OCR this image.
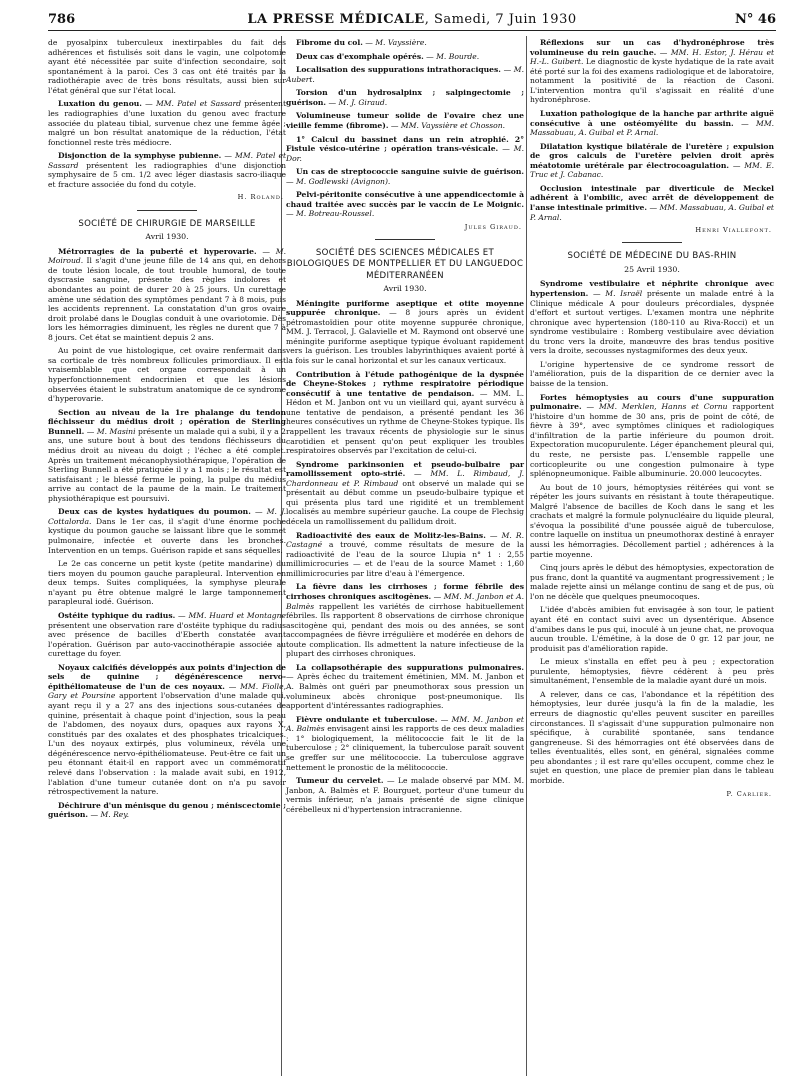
786	LA PRESSE MÉDICALE, Samedi, 7 Juin 1930	N° 46

de pyosalpinx tuberculeux inextirpables du fait des adhérences et fistulisés soit dans le vagin, une colpotomie ayant été nécessitée par suite d'infection secondaire, soit spontanément à la paroi. Ces 3 cas ont été traités par la radiothérapie avec de très bons résultats, aussi bien sur l'état général que sur l'état local.

Luxation du genou. — MM. Patel et Sassard présentent les radiographies d'une luxation du genou avec fracture associée du plateau tibial, survenue chez une femme âgée ; malgré un bon résultat anatomique de la réduction, l'état fonctionnel reste très médiocre.

Disjonction de la symphyse pubienne. — MM. Patel et Sassard présentent les radiographies d'une disjonction symphysaire de 5 cm. 1/2 avec léger diastasis sacro-iliaque et fracture associée du fond du cotyle.

H. Roland.
SOCIÉTÉ DE CHIRURGIE DE MARSEILLE
Avril 1930.

Métrorragies de la puberté et hyperovarie. — M. Moiroud. Il s'agit d'une jeune fille de 14 ans qui, en dehors de toute lésion locale, de tout trouble humoral, de toute dyscrasie sanguine, présente des règles indolores et abondantes au point de durer 20 à 25 jours. Un curettage amène une sédation des symptômes pendant 7 à 8 mois, puis les accidents reprennent. La constatation d'un gros ovaire droit prolabé dans le Douglas conduit à une ovariotomie. Dès lors les hémorragies diminuent, les règles ne durent que 7 à 8 jours. Cet état se maintient depuis 2 ans.

Au point de vue histologique, cet ovaire renfermait dans sa corticale de très nombreux follicules primordiaux. Il est vraisemblable que cet organe correspondait à un hyperfonctionnement endocrinien et que les lésions observées étaient le substratum anatomique de ce syndrome d'hyperovarie.

Section au niveau de la 1re phalange du tendon fléchisseur du médius droit ; opération de Sterling Bunnell. — M. Masini présente un malade qui a subi, il y a 2 ans, une suture bout à bout des tendons fléchisseurs du médius droit au niveau du doigt ; l'échec a été complet. Après un traitement mécanophysiothérapique, l'opération de Sterling Bunnell a été pratiquée il y a 1 mois ; le résultat est satisfaisant ; le blessé ferme le poing, la pulpe du médius arrive au contact de la paume de la main. Le traitement physiothérapique est poursuivi.

Deux cas de kystes hydatiques du poumon. — M. J. Cottalorda. Dans le 1er cas, il s'agit d'une énorme poche kystique du poumon gauche se laissant libre que le sommet pulmonaire, infectée et ouverte dans les bronches. Intervention en un temps. Guérison rapide et sans séquelles.

Le 2e cas concerne un petit kyste (petite mandarine) du tiers moyen du poumon gauche parapleural. Intervention en deux temps. Suites compliquées, la symphyse pleurale n'ayant pu être obtenue malgré le large tamponnement parapleural iodé. Guérison.

Ostéite typhique du radius. — MM. Huard et Montagne présentent une observation rare d'ostéite typhique du radius avec présence de bacilles d'Eberth constatée avant l'opération. Guérison par auto-vaccinothérapie associée au curettage du foyer.

Noyaux calcifiés développés aux points d'injection de sels de quinine ; dégénérescence nervo-épithéliomateuse de l'un de ces noyaux. — MM. Fiolle, Gary et Poursine apportent l'observation d'une malade qui, ayant reçu il y a 27 ans des injections sous-cutanées de quinine, présentait à chaque point d'injection, sous la peau de l'abdomen, des noyaux durs, opaques aux rayons X, constitués par des oxalates et des phosphates tricalciques. L'un des noyaux extirpés, plus volumineux, révéla une dégénérescence nervo-épithéliomateuse. Peut-être ce fait un peu étonnant était-il en rapport avec un commémoratif relevé dans l'observation : la malade avait subi, en 1912, l'ablation d'une tumeur cutanée dont on n'a pu savoir rétrospectivement la nature.

Déchirure d'un ménisque du genou ; méniscectomie ; guérison. — M. Rey.

Fibrome du col. — M. Vayssière.

Deux cas d'exomphale opérés. — M. Bourde.

Localisation des suppurations intrathoraciques. — M. Aubert.

Torsion d'un hydrosalpinx ; salpingectomie ; guérison. — M. J. Giraud.

Volumineuse tumeur solide de l'ovaire chez une vieille femme (fibrome). — MM. Vayssière et Chosson.

1° Calcul du bassinet dans un rein atrophié. 2° Fistule vésico-utérine ; opération trans-vésicale. — M. Dor.

Un cas de streptococcie sanguine suivie de guérison. — M. Godlewski (Avignon).

Pelvi-péritonite consécutive à une appendicectomie à chaud traitée avec succès par le vaccin de Le Moignic. — M. Botreau-Roussel.

Jules Giraud.
SOCIÉTÉ DES SCIENCES MÉDICALES ET BIOLOGIQUES DE MONTPELLIER ET DU LANGUEDOC MÉDITERRANÉEN
Avril 1930.

Méningite puriforme aseptique et otite moyenne suppurée chronique. — 8 jours après un évident pétromastoïdien pour otite moyenne suppurée chronique, MM. J. Terracol, J. Galavielle et M. Raymond ont observé une méningite puriforme aseptique typique évoluant rapidement vers la guérison. Les troubles labyrinthiques avaient porté à la fois sur le canal horizontal et sur les canaux verticaux.

Contribution à l'étude pathogénique de la dyspnée de Cheyne-Stokes ; rythme respiratoire périodique consécutif à une tentative de pendaison. — MM. L. Hédon et M. Janbon ont vu un vieillard qui, ayant survécu à une tentative de pendaison, a présenté pendant les 36 heures consécutives un rythme de Cheyne-Stokes typique. Ils rappellent les travaux récents de physiologie sur le sinus carotidien et pensent qu'on peut expliquer les troubles respiratoires observés par l'excitation de celui-ci.

Syndrome parkinsonien et pseudo-bulbaire par ramollissement opto-strié. — MM. L. Rimbaud, J. Chardonneau et P. Rimbaud ont observé un malade qui se présentait au début comme un pseudo-bulbaire typique et qui présenta plus tard une rigidité et un tremblement localisés au membre supérieur gauche. La coupe de Flechsig décela un ramollissement du pallidum droit.

Radioactivité des eaux de Molitz-les-Bains. — M. R. Castagné a trouvé, comme résultats de mesure de la radioactivité de l'eau de la source Llupia n° 1 : 2,55 millimicrocuries — et de l'eau de la source Mamet : 1,60 millimicrocuries par litre d'eau à l'émergence.

La fièvre dans les cirrhoses ; forme fébrile des cirrhoses chroniques ascitogènes. — MM. M. Janbon et A. Balmès rappellent les variétés de cirrhose habituellement fébriles. Ils rapportent 8 observations de cirrhose chronique ascitogène qui, pendant des mois ou des années, se sont accompagnées de fièvre irrégulière et modérée en dehors de toute complication. Ils admettent la nature infectieuse de la plupart des cirrhoses chroniques.

La collapsothérapie des suppurations pulmonaires. — Après échec du traitement émétinien, MM. M. Janbon et A. Balmès ont guéri par pneumothorax sous pression un volumineux abcès chronique post-pneumonique. Ils apportent d'intéressantes radiographies.

Fièvre ondulante et tuberculose. — MM. M. Janbon et A. Balmès envisagent ainsi les rapports de ces deux maladies : 1° biologiquement, la mélitococcie fait le lit de la tuberculose ; 2° cliniquement, la tuberculose paraît souvent se greffer sur une mélitococcie. La tuberculose aggrave nettement le pronostic de la mélitococcie.

Tumeur du cervelet. — Le malade observé par MM. M. Janbon, A. Balmès et F. Bourguet, porteur d'une tumeur du vermis inférieur, n'a jamais présenté de signe clinique cérébelleux ni d'hypertension intracranienne.

Réflexions sur un cas d'hydronéphrose très volumineuse du rein gauche. — MM. H. Estor, J. Hérau et H.-L. Guibert. Le diagnostic de kyste hydatique de la rate avait été porté sur la foi des examens radiologique et de laboratoire, notamment la positivité de la réaction de Casoni. L'intervention montra qu'il s'agissait en réalité d'une hydronéphrose.

Luxation pathologique de la hanche par arthrite aiguë consécutive à une ostéomyélite du bassin. — MM. Massabuau, A. Guibal et P. Arnal.

Dilatation kystique bilatérale de l'uretère ; expulsion de gros calculs de l'uretère pelvien droit après méatotomie urétérale par électrocoagulation. — MM. E. Truc et J. Cabanac.

Occlusion intestinale par diverticule de Meckel adhérent à l'ombilic, avec arrêt de développement de l'anse intestinale primitive. — MM. Massabuau, A. Guibal et P. Arnal.

Henri Viallefont.
SOCIÉTÉ DE MÉDECINE DU BAS-RHIN
25 Avril 1930.

Syndrome vestibulaire et néphrite chronique avec hypertension. — M. Israël présente un malade entré à la Clinique médicale A pour douleurs précordiales, dyspnée d'effort et surtout vertiges. L'examen montra une néphrite chronique avec hypertension (180-110 au Riva-Rocci) et un syndrome vestibulaire : Romberg vestibulaire avec déviation du tronc vers la droite, manœuvre des bras tendus positive vers la droite, secousses nystagmiformes des deux yeux.

L'origine hypertensive de ce syndrome ressort de l'amélioration, puis de la disparition de ce dernier avec la baisse de la tension.

Fortes hémoptysies au cours d'une suppuration pulmonaire. — MM. Merklen, Hanns et Cornu rapportent l'histoire d'un homme de 30 ans, pris de point de côté, de fièvre à 39°, avec symptômes cliniques et radiologiques d'infiltration de la partie inférieure du poumon droit. Expectoration mucopurulente. Léger épanchement pleural qui, du reste, ne persiste pas. L'ensemble rappelle une corticopleurite ou une congestion pulmonaire à type splénopneumonique. Faible albuminurie. 20.000 leucocytes.

Au bout de 10 jours, hémoptysies réitérées qui vont se répéter les jours suivants en résistant à toute thérapeutique. Malgré l'absence de bacilles de Koch dans le sang et les crachats et malgré la formule polynucléaire du liquide pleural, s'évoqua la possibilité d'une poussée aiguë de tuberculose, contre laquelle on institua un pneumothorax destiné à enrayer aussi les hémorragies. Décollement partiel ; adhérences à la partie moyenne.

Cinq jours après le début des hémoptysies, expectoration de pus franc, dont la quantité va augmentant progressivement ; le malade rejette ainsi un mélange continu de sang et de pus, où l'on ne décèle que quelques pneumocoques.

L'idée d'abcès amibien fut envisagée à son tour, le patient ayant été en contact suivi avec un dysentérique. Absence d'amibes dans le pus qui, inoculé à un jeune chat, ne provoqua aucun trouble. L'émétine, à la dose de 0 gr. 12 par jour, ne produisit pas d'amélioration rapide.

Le mieux s'installa en effet peu à peu ; expectoration purulente, hémoptysies, fièvre cédèrent à peu près simultanément, l'ensemble de la maladie ayant duré un mois.

A relever, dans ce cas, l'abondance et la répétition des hémoptysies, leur durée jusqu'à la fin de la maladie, les erreurs de diagnostic qu'elles peuvent susciter en pareilles circonstances. Il s'agissait d'une suppuration pulmonaire non spécifique, à curabilité spontanée, sans tendance gangreneuse. Si des hémorragies ont été observées dans de telles éventualités, elles sont, en général, signalées comme peu abondantes ; il est rare qu'elles occupent, comme chez le sujet en question, une place de premier plan dans le tableau morbide.

P. Carlier.
